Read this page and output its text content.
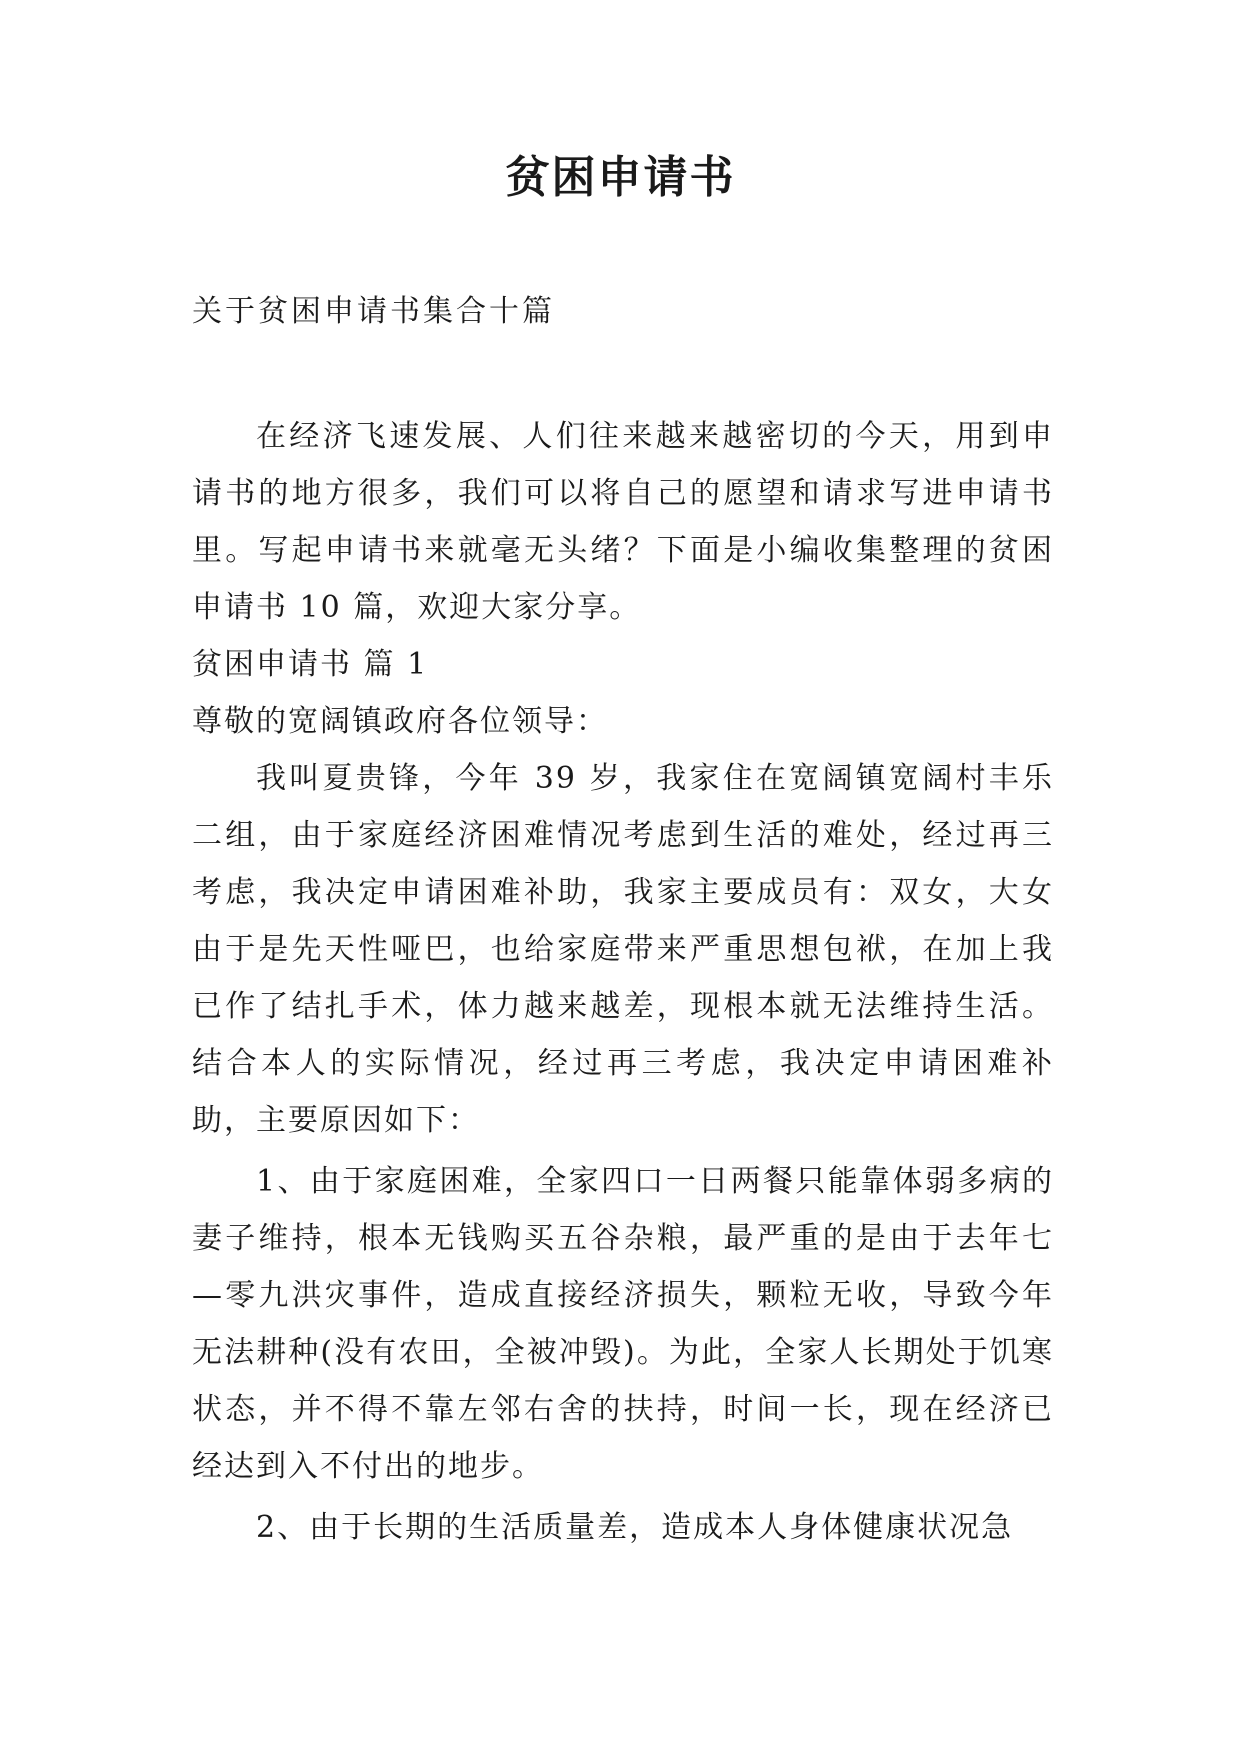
贫困申请书

关于贫困申请书集合十篇

在经济飞速发展、人们往来越来越密切的今天，用到申请书的地方很多，我们可以将自己的愿望和请求写进申请书里。写起申请书来就毫无头绪？下面是小编收集整理的贫困申请书 10 篇，欢迎大家分享。

贫困申请书 篇 1

尊敬的宽阔镇政府各位领导：

我叫夏贵锋，今年 39 岁，我家住在宽阔镇宽阔村丰乐二组，由于家庭经济困难情况考虑到生活的难处，经过再三考虑，我决定申请困难补助，我家主要成员有：双女，大女由于是先天性哑巴，也给家庭带来严重思想包袱，在加上我已作了结扎手术，体力越来越差，现根本就无法维持生活。结合本人的实际情况，经过再三考虑，我决定申请困难补助，主要原因如下：

1、由于家庭困难，全家四口一日两餐只能靠体弱多病的妻子维持，根本无钱购买五谷杂粮，最严重的是由于去年七—零九洪灾事件，造成直接经济损失，颗粒无收，导致今年无法耕种(没有农田，全被冲毁)。为此，全家人长期处于饥寒状态，并不得不靠左邻右舍的扶持，时间一长，现在经济已经达到入不付出的地步。

2、由于长期的生活质量差，造成本人身体健康状况急
